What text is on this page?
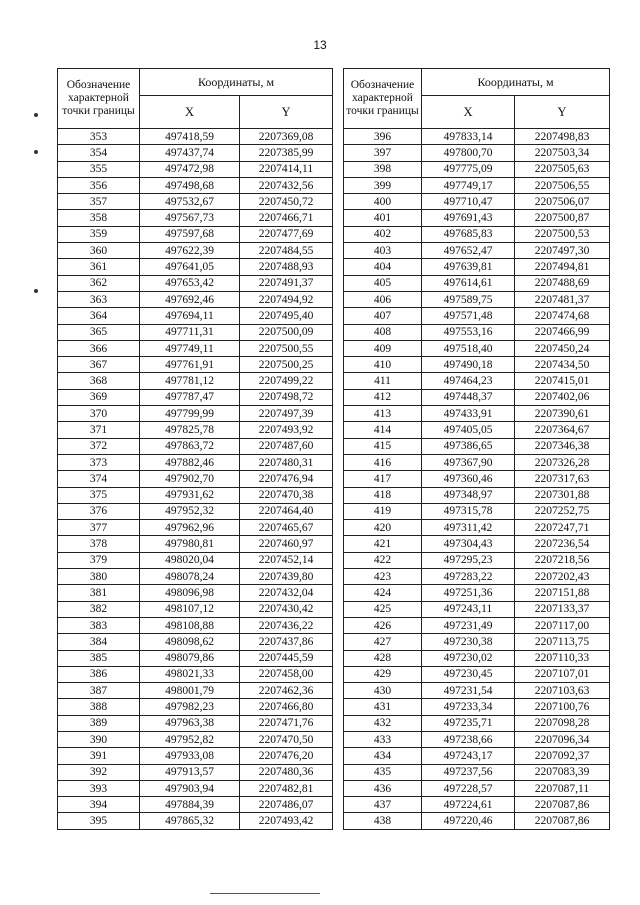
13
Обозначение характерной точки границы	Координаты, м	
	X	Y
353	497418,59	2207369,08
354	497437,74	2207385,99
355	497472,98	2207414,11
356	497498,68	2207432,56
357	497532,67	2207450,72
358	497567,73	2207466,71
359	497597,68	2207477,69
360	497622,39	2207484,55
361	497641,05	2207488,93
362	497653,42	2207491,37
363	497692,46	2207494,92
364	497694,11	2207495,40
365	497711,31	2207500,09
366	497749,11	2207500,55
367	497761,91	2207500,25
368	497781,12	2207499,22
369	497787,47	2207498,72
370	497799,99	2207497,39
371	497825,78	2207493,92
372	497863,72	2207487,60
373	497882,46	2207480,31
374	497902,70	2207476,94
375	497931,62	2207470,38
376	497952,32	2207464,40
377	497962,96	2207465,67
378	497980,81	2207460,97
379	498020,04	2207452,14
380	498078,24	2207439,80
381	498096,98	2207432,04
382	498107,12	2207430,42
383	498108,88	2207436,22
384	498098,62	2207437,86
385	498079,86	2207445,59
386	498021,33	2207458,00
387	498001,79	2207462,36
388	497982,23	2207466,80
389	497963,38	2207471,76
390	497952,82	2207470,50
391	497933,08	2207476,20
392	497913,57	2207480,36
393	497903,94	2207482,81
394	497884,39	2207486,07
395	497865,32	2207493,42
Обозначение характерной точки границы	Координаты, м	
	X	Y
396	497833,14	2207498,83
397	497800,70	2207503,34
398	497775,09	2207505,63
399	497749,17	2207506,55
400	497710,47	2207506,07
401	497691,43	2207500,87
402	497685,83	2207500,53
403	497652,47	2207497,30
404	497639,81	2207494,81
405	497614,61	2207488,69
406	497589,75	2207481,37
407	497571,48	2207474,68
408	497553,16	2207466,99
409	497518,40	2207450,24
410	497490,18	2207434,50
411	497464,23	2207415,01
412	497448,37	2207402,06
413	497433,91	2207390,61
414	497405,05	2207364,67
415	497386,65	2207346,38
416	497367,90	2207326,28
417	497360,46	2207317,63
418	497348,97	2207301,88
419	497315,78	2207252,75
420	497311,42	2207247,71
421	497304,43	2207236,54
422	497295,23	2207218,56
423	497283,22	2207202,43
424	497251,36	2207151,88
425	497243,11	2207133,37
426	497231,49	2207117,00
427	497230,38	2207113,75
428	497230,02	2207110,33
429	497230,45	2207107,01
430	497231,54	2207103,63
431	497233,34	2207100,76
432	497235,71	2207098,28
433	497238,66	2207096,34
434	497243,17	2207092,37
435	497237,56	2207083,39
436	497228,57	2207087,11
437	497224,61	2207087,86
438	497220,46	2207087,86
